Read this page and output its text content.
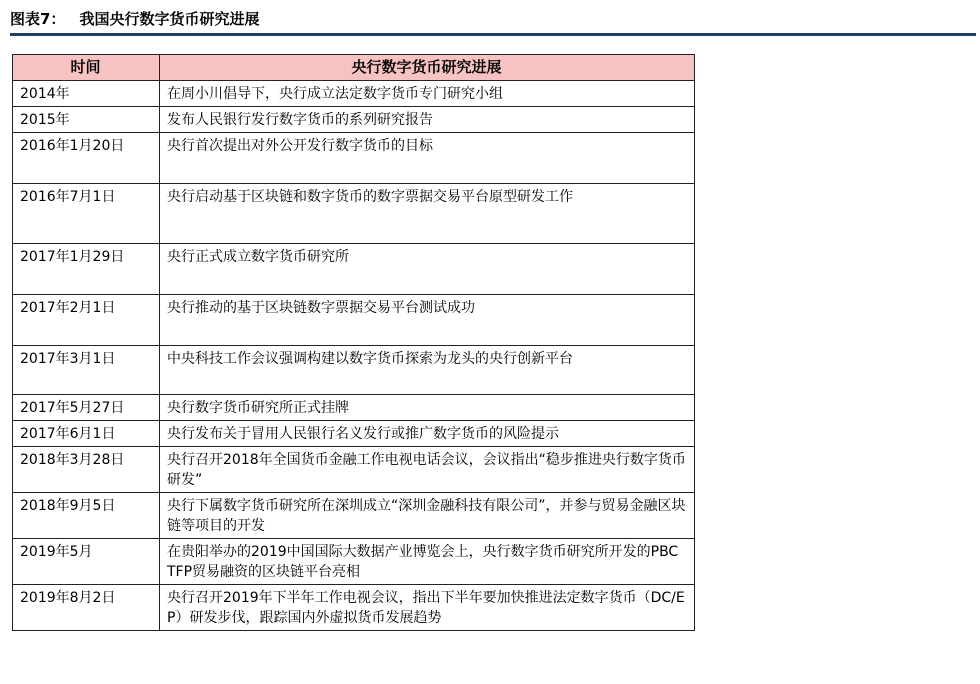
图表7： 我国央行数字货币研究进展
时间	央行数字货币研究进展
2014年	在周小川倡导下，央行成立法定数字货币专门研究小组
2015年	发布人民银行发行数字货币的系列研究报告
2016年1月20日	央行首次提出对外公开发行数字货币的目标
2016年7月1日	央行启动基于区块链和数字货币的数字票据交易平台原型研发工作
2017年1月29日	央行正式成立数字货币研究所
2017年2月1日	央行推动的基于区块链数字票据交易平台测试成功
2017年3月1日	中央科技工作会议强调构建以数字货币探索为龙头的央行创新平台
2017年5月27日	央行数字货币研究所正式挂牌
2017年6月1日	央行发布关于冒用人民银行名义发行或推广数字货币的风险提示
2018年3月28日	央行召开2018年全国货币金融工作电视电话会议，会议指出“稳步推进央行数字货币研发”
2018年9月5日	央行下属数字货币研究所在深圳成立“深圳金融科技有限公司”，并参与贸易金融区块链等项目的开发
2019年5月	在贵阳举办的2019中国国际大数据产业博览会上，央行数字货币研究所开发的PBCTFP贸易融资的区块链平台亮相
2019年8月2日	央行召开2019年下半年工作电视会议，指出下半年要加快推进法定数字货币（DC/EP）研发步伐，跟踪国内外虚拟货币发展趋势
